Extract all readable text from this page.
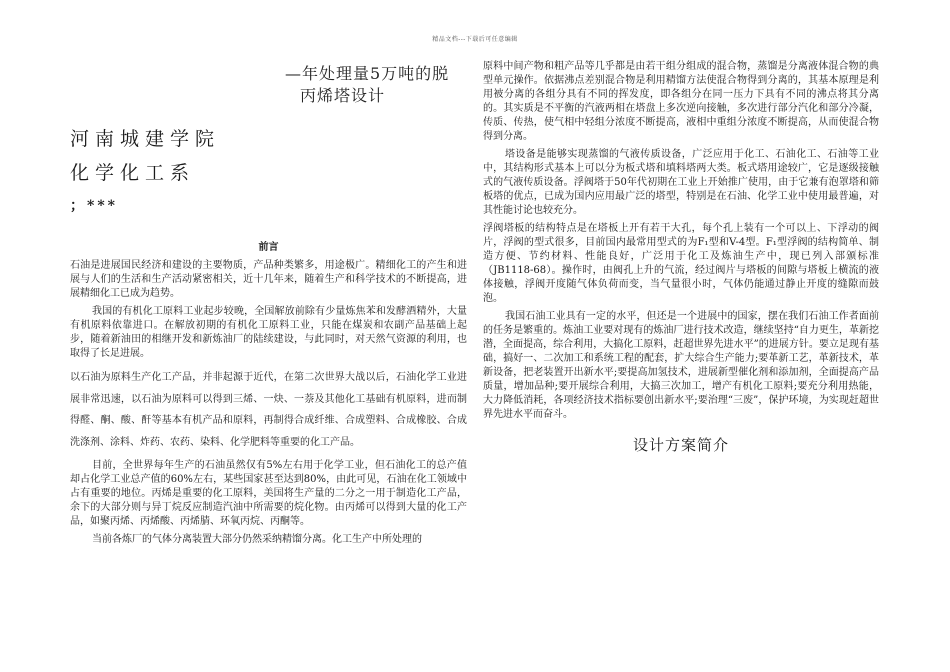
精品文档---下载后可任意编辑
—年处理量5万吨的脱
丙烯塔设计
河南城建学院
化学化工系
；***
前言

石油是进展国民经济和建设的主要物质，产品种类繁多，用途极广。精细化工的产生和进展与人们的生活和生产活动紧密相关，近十几年来，随着生产和科学技术的不断提高，进展精细化工已成为趋势。

我国的有机化工原料工业起步较晚，全国解放前除有少量炼焦苯和发酵酒精外，大量有机原料依靠进口。在解放初期的有机化工原料工业，只能在煤炭和农副产品基础上起步，随着新油田的相继开发和新炼油厂的陆续建设，与此同时，对天然气资源的利用，也取得了长足进展。

以石油为原料生产化工产品，并非起源于近代，在第二次世界大战以后，石油化学工业进展非常迅速，以石油为原料可以得到三烯、一炔、一萘及其他化工基础有机原料，进而制得醛、酮、酸、酐等基本有机产品和原料，再制得合成纤维、合成塑料、合成橡胶、合成洗涤剂、涂料、炸药、农药、染料、化学肥料等重要的化工产品。

目前，全世界每年生产的石油虽然仅有5%左右用于化学工业，但石油化工的总产值却占化学工业总产值的60%左右，某些国家甚至达到80%，由此可见，石油在化工领域中占有重要的地位。丙烯是重要的化工原料，美国将生产量的二分之一用于制造化工产品，余下的大部分则与异丁烷反应制造汽油中所需要的烷化物。由丙烯可以得到大量的化工产品，如聚丙烯、丙烯酸、丙烯腈、环氧丙烷、丙酮等。

当前各炼厂的气体分离装置大部分仍然采纳精馏分离。化工生产中所处理的

原料中间产物和粗产品等几乎都是由若干组分组成的混合物，蒸馏是分离液体混合物的典型单元操作。依据沸点差别混合物是利用精馏方法使混合物得到分离的，其基本原理是利用被分离的各组分具有不同的挥发度，即各组分在同一压力下具有不同的沸点将其分离的。其实质是不平衡的汽液两相在塔盘上多次逆向接触，多次进行部分汽化和部分冷凝，传质、传热，使气相中轻组分浓度不断提高，液相中重组分浓度不断提高，从而使混合物得到分离。

塔设备是能够实现蒸馏的气液传质设备，广泛应用于化工、石油化工、石油等工业中，其结构形式基本上可以分为板式塔和填料塔两大类。板式塔用途较广，它是逐级接触式的气液传质设备。浮阀塔于50年代初期在工业上开始推广使用，由于它兼有泡罩塔和筛板塔的优点，已成为国内应用最广泛的塔型，特别是在石油、化学工业中使用最普遍，对其性能讨论也较充分。

浮阀塔板的结构特点是在塔板上开有若干大孔，每个孔上装有一个可以上、下浮动的阀片，浮阀的型式很多，目前国内最常用型式的为F₁型和V-4型。F₁型浮阀的结构简单、制造方便、节约材料、性能良好，广泛用于化工及炼油生产中，现已列入部颁标准（JB1118-68）。操作时，由阀孔上升的气流，经过阀片与塔板的间隙与塔板上横流的液体接触，浮阀开度随气体负荷而变，当气量很小时，气体仍能通过静止开度的缝隙而鼓泡。

我国石油工业具有一定的水平，但还是一个进展中的国家，摆在我们石油工作者面前的任务是繁重的。炼油工业要对现有的炼油厂进行技术改造，继续坚持“自力更生，革新挖潜，全面提高，综合利用，大搞化工原料，赶超世界先进水平”的进展方针。要立足现有基础，搞好一、二次加工和系统工程的配套，扩大综合生产能力;要革新工艺，革新技术，革新设备，把老装置开出新水平;要提高加氢技术，进展新型催化剂和添加剂，全面提高产品质量，增加品种;要开展综合利用，大搞三次加工，增产有机化工原料;要充分利用热能，大力降低消耗，各项经济技术指标要创出新水平;要治理“三废”，保护环境，为实现赶超世界先进水平而奋斗。

设计方案简介
